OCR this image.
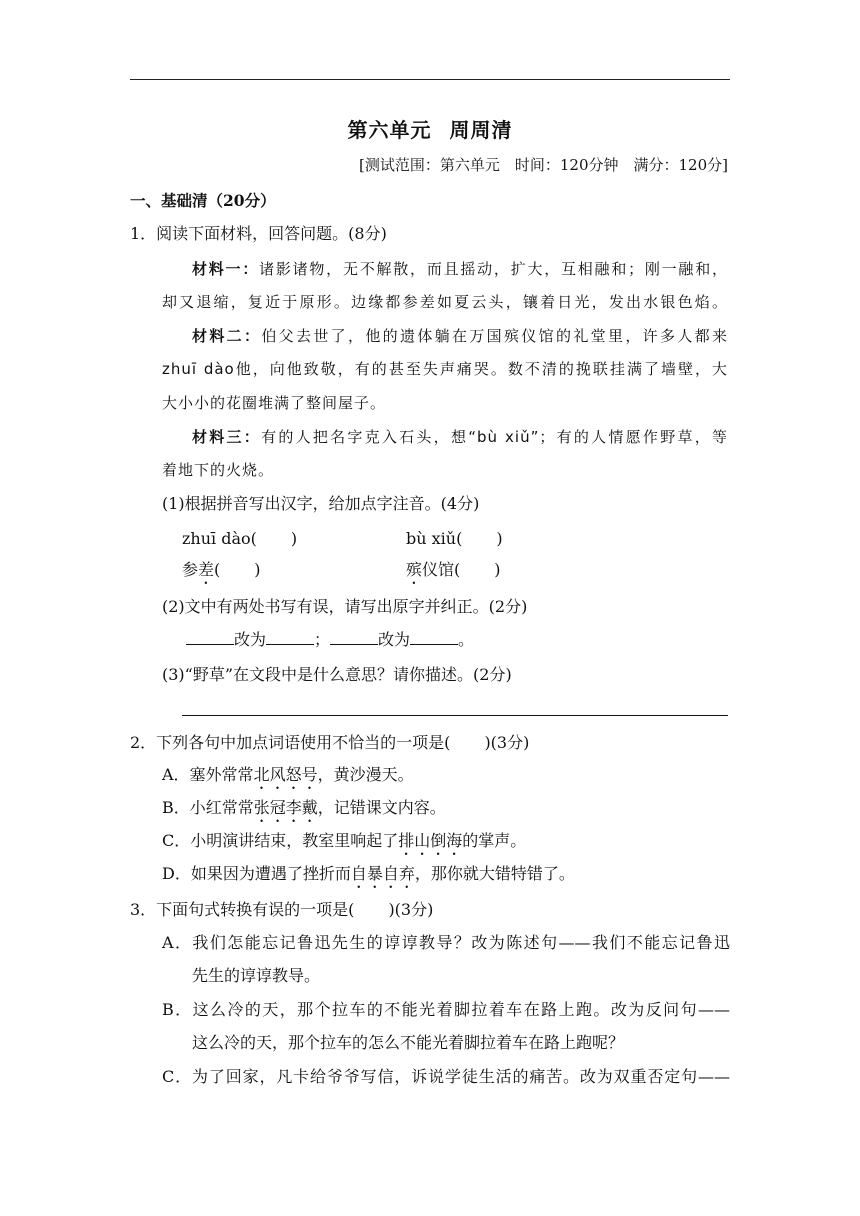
第六单元 周周清
[测试范围：第六单元　时间：120分钟　满分：120分]
一、基础清（20分）
1．阅读下面材料，回答问题。(8分)
材料一：诸影诸物，无不解散，而且摇动，扩大，互相融和；刚一融和，
却又退缩，复近于原形。边缘都参差如夏云头，镶着日光，发出水银色焰。
材料二：伯父去世了，他的遗体躺在万国殡仪馆的礼堂里，许多人都来
zhuī dào他，向他致敬，有的甚至失声痛哭。数不清的挽联挂满了墙壁，大
大小小的花圈堆满了整间屋子。
材料三：有的人把名字克入石头，想“bù xiǔ”；有的人情愿作野草，等
着地下的火烧。
(1)根据拼音写出汉字，给加点字注音。(4分)
zhuī dào( )	bù xiǔ( )
参差( )	殡仪馆( )
(2)文中有两处书写有误，请写出原字并纠正。(2分)
改为	；	改为	。
(3)“野草”在文段中是什么意思？请你描述。(2分)
2．下列各句中加点词语使用不恰当的一项是( )(3分)
A．塞外常常北风怒号，黄沙漫天。
B．小红常常张冠李戴，记错课文内容。
C．小明演讲结束，教室里响起了排山倒海的掌声。
D．如果因为遭遇了挫折而自暴自弃，那你就大错特错了。
3．下面句式转换有误的一项是( )(3分)
A．我们怎能忘记鲁迅先生的谆谆教导？改为陈述句——我们不能忘记鲁迅
先生的谆谆教导。
B．这么冷的天，那个拉车的不能光着脚拉着车在路上跑。改为反问句——
这么冷的天，那个拉车的怎么不能光着脚拉着车在路上跑呢？
C．为了回家，凡卡给爷爷写信，诉说学徒生活的痛苦。改为双重否定句——
